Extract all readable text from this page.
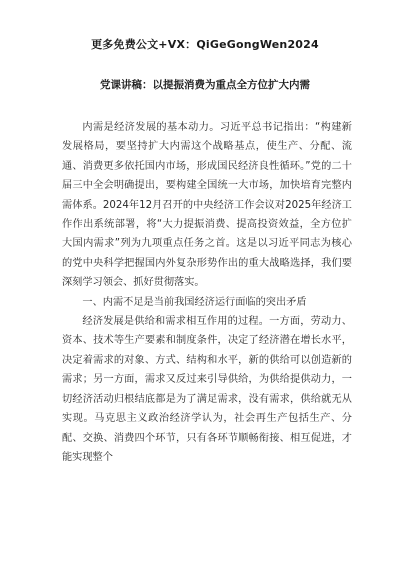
更多免费公文+VX：QiGeGongWen2024
党课讲稿：以提振消费为重点全方位扩大内需

内需是经济发展的基本动力。习近平总书记指出：“构建新发展格局，要坚持扩大内需这个战略基点，使生产、分配、流通、消费更多依托国内市场，形成国民经济良性循环。”党的二十届三中全会明确提出，要构建全国统一大市场，加快培育完整内需体系。2024年12月召开的中央经济工作会议对2025年经济工作作出系统部署，将“大力提振消费、提高投资效益，全方位扩大国内需求”列为九项重点任务之首。这是以习近平同志为核心的党中央科学把握国内外复杂形势作出的重大战略选择，我们要深刻学习领会、抓好贯彻落实。

一、内需不足是当前我国经济运行面临的突出矛盾

经济发展是供给和需求相互作用的过程。一方面，劳动力、资本、技术等生产要素和制度条件，决定了经济潜在增长水平，决定着需求的对象、方式、结构和水平，新的供给可以创造新的需求；另一方面，需求又反过来引导供给，为供给提供动力，一切经济活动归根结底都是为了满足需求，没有需求，供给就无从实现。马克思主义政治经济学认为，社会再生产包括生产、分配、交换、消费四个环节，只有各环节顺畅衔接、相互促进，才能实现整个
